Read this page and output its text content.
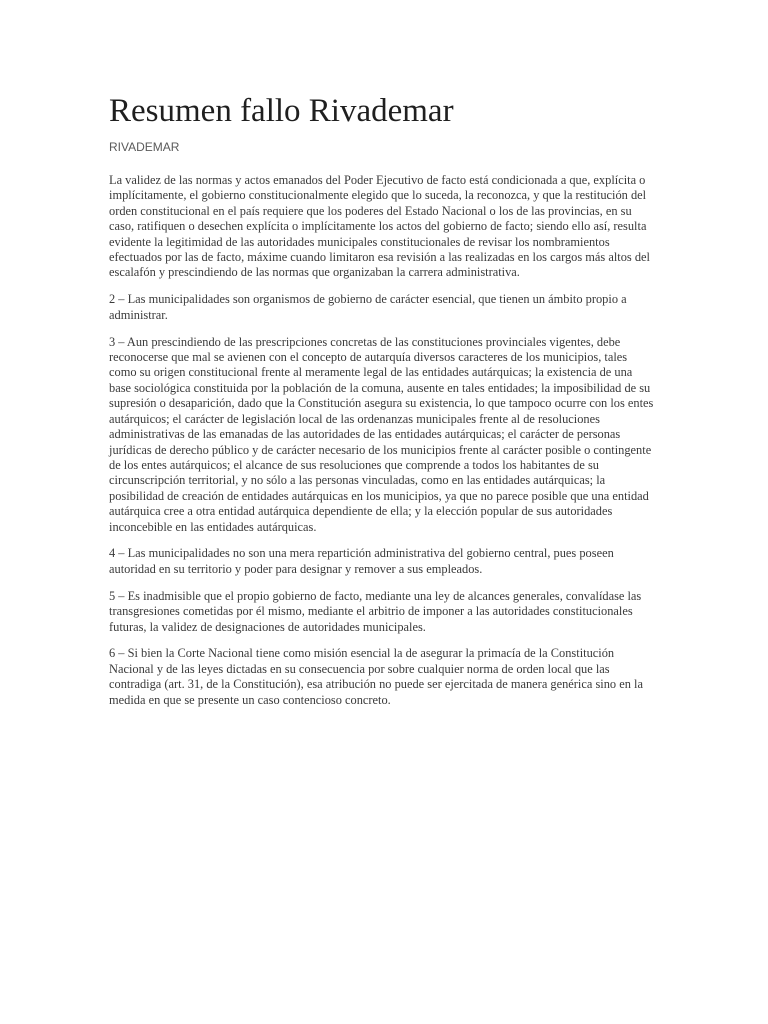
Resumen fallo Rivademar
RIVADEMAR

La validez de las normas y actos emanados del Poder Ejecutivo de facto está condicionada a que, explícita o implícitamente, el gobierno constitucionalmente elegido que lo suceda, la reconozca, y que la restitución del orden constitucional en el país requiere que los poderes del Estado Nacional o los de las provincias, en su caso, ratifiquen o desechen explícita o implícitamente los actos del gobierno de facto; siendo ello así, resulta evidente la legitimidad de las autoridades municipales constitucionales de revisar los nombramientos efectuados por las de facto, máxime cuando limitaron esa revisión a las realizadas en los cargos más altos del escalafón y prescindiendo de las normas que organizaban la carrera administrativa.

2 – Las municipalidades son organismos de gobierno de carácter esencial, que tienen un ámbito propio a administrar.

3 – Aun prescindiendo de las prescripciones concretas de las constituciones provinciales vigentes, debe reconocerse que mal se avienen con el concepto de autarquía diversos caracteres de los municipios, tales como su origen constitucional frente al meramente legal de las entidades autárquicas; la existencia de una base sociológica constituida por la población de la comuna, ausente en tales entidades; la imposibilidad de su supresión o desaparición, dado que la Constitución asegura su existencia, lo que tampoco ocurre con los entes autárquicos; el carácter de legislación local de las ordenanzas municipales frente al de resoluciones administrativas de las emanadas de las autoridades de las entidades autárquicas; el carácter de personas jurídicas de derecho público y de carácter necesario de los municipios frente al carácter posible o contingente de los entes autárquicos; el alcance de sus resoluciones que comprende a todos los habitantes de su circunscripción territorial, y no sólo a las personas vinculadas, como en las entidades autárquicas; la posibilidad de creación de entidades autárquicas en los municipios, ya que no parece posible que una entidad autárquica cree a otra entidad autárquica dependiente de ella; y la elección popular de sus autoridades inconcebible en las entidades autárquicas.

4 – Las municipalidades no son una mera repartición administrativa del gobierno central, pues poseen autoridad en su territorio y poder para designar y remover a sus empleados.

5 – Es inadmisible que el propio gobierno de facto, mediante una ley de alcances generales, convalídase las transgresiones cometidas por él mismo, mediante el arbitrio de imponer a las autoridades constitucionales futuras, la validez de designaciones de autoridades municipales.

6 – Si bien la Corte Nacional tiene como misión esencial la de asegurar la primacía de la Constitución Nacional y de las leyes dictadas en su consecuencia por sobre cualquier norma de orden local que las contradiga (art. 31, de la Constitución), esa atribución no puede ser ejercitada de manera genérica sino en la medida en que se presente un caso contencioso concreto.
